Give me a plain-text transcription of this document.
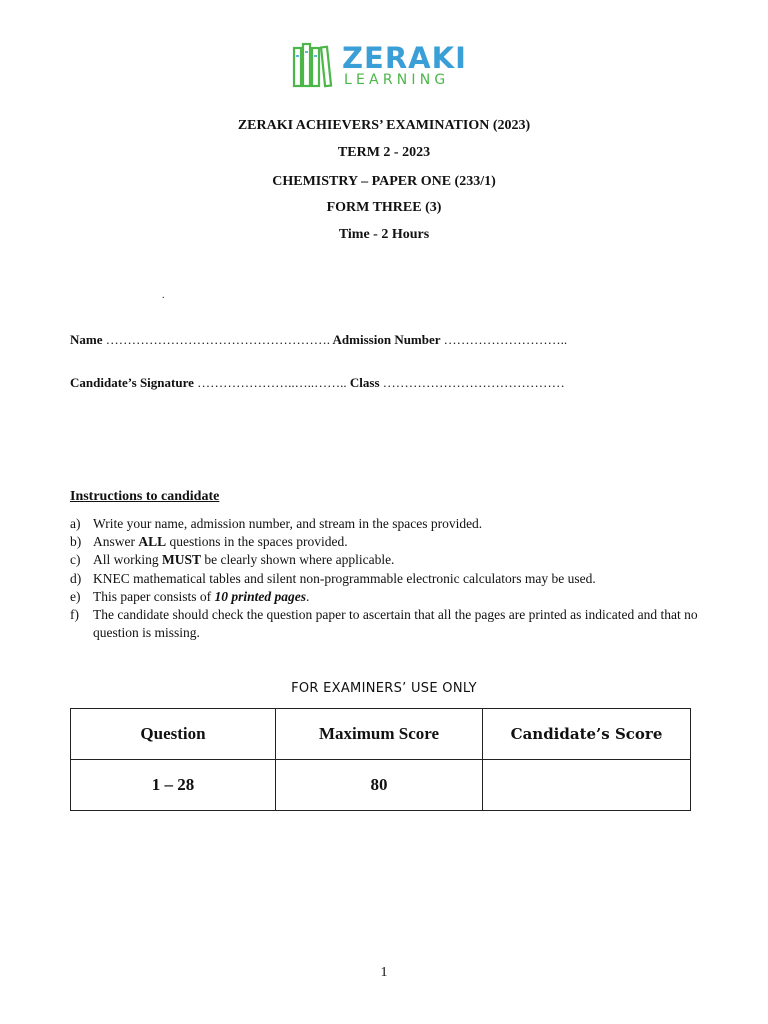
ZERAKI
LEARNING
ZERAKI ACHIEVERS’ EXAMINATION (2023)
TERM 2 - 2023
CHEMISTRY – PAPER ONE (233/1)
FORM THREE (3)
Time - 2 Hours
.
Name ……………………………………………. Admission Number ………………………..
Candidate’s Signature …………………..…..…….. Class ……………………………………
Instructions to candidate
a) Write your name, admission number, and stream in the spaces provided.
b) Answer ALL questions in the spaces provided.
c) All working MUST be clearly shown where applicable.
d) KNEC mathematical tables and silent non-programmable electronic calculators may be used.
e) This paper consists of 10 printed pages.
f)	The candidate should check the question paper to ascertain that all the pages are printed as indicated and that no question is missing.
FOR EXAMINERS’ USE ONLY
Question	Maximum Score	Candidate’s Score
1 – 28	80	
1
